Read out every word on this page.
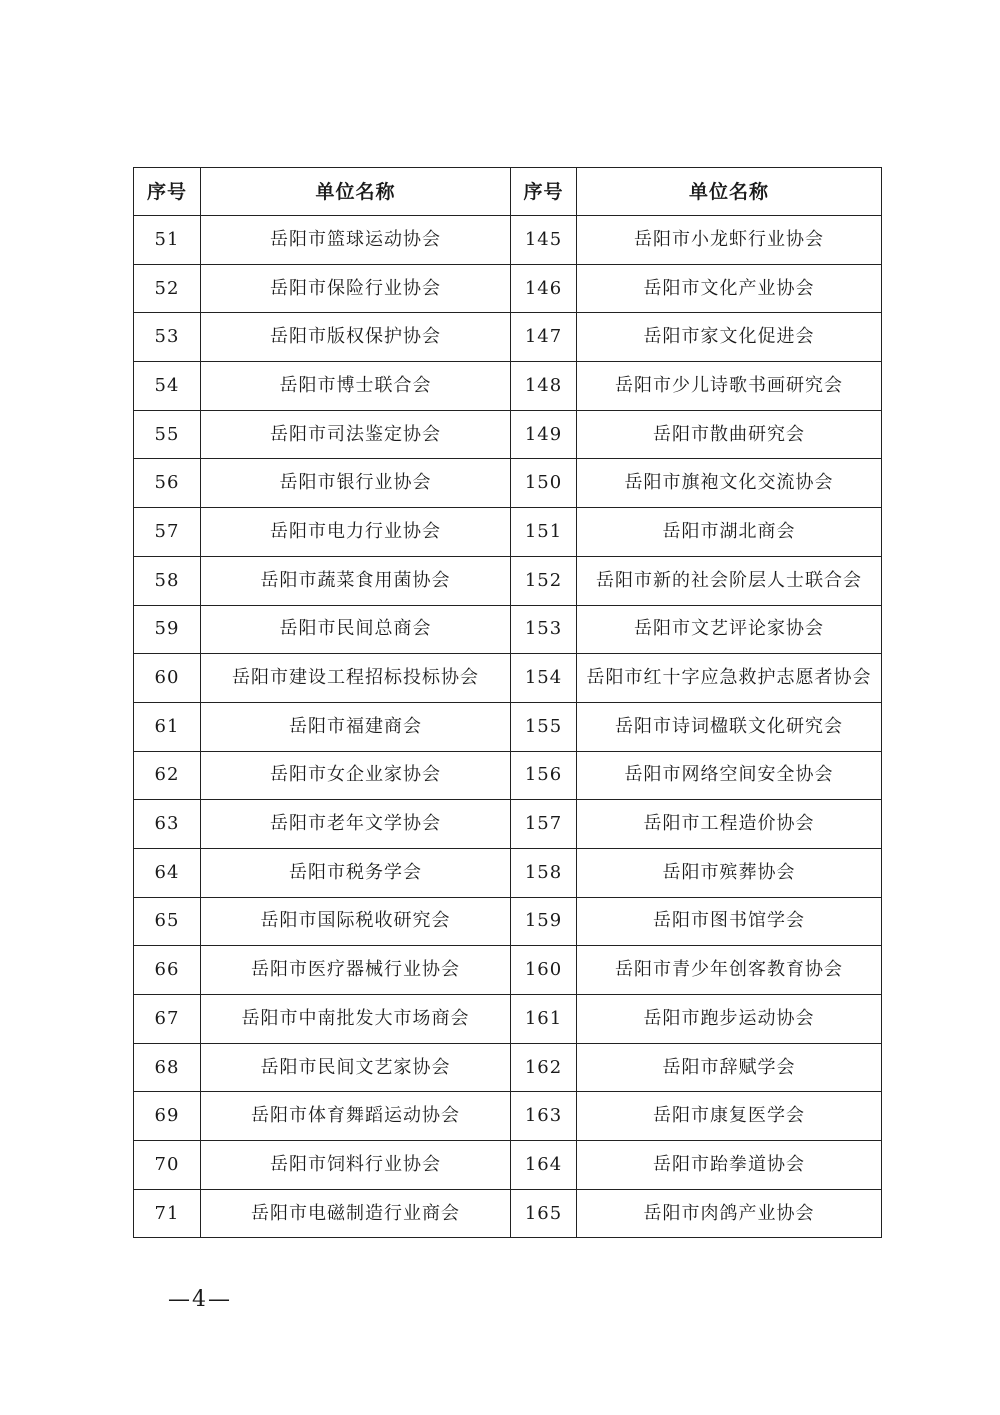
序号	单位名称	序号	单位名称
51	岳阳市篮球运动协会	145	岳阳市小龙虾行业协会
52	岳阳市保险行业协会	146	岳阳市文化产业协会
53	岳阳市版权保护协会	147	岳阳市家文化促进会
54	岳阳市博士联合会	148	岳阳市少儿诗歌书画研究会
55	岳阳市司法鉴定协会	149	岳阳市散曲研究会
56	岳阳市银行业协会	150	岳阳市旗袍文化交流协会
57	岳阳市电力行业协会	151	岳阳市湖北商会
58	岳阳市蔬菜食用菌协会	152	岳阳市新的社会阶层人士联合会
59	岳阳市民间总商会	153	岳阳市文艺评论家协会
60	岳阳市建设工程招标投标协会	154	岳阳市红十字应急救护志愿者协会
61	岳阳市福建商会	155	岳阳市诗词楹联文化研究会
62	岳阳市女企业家协会	156	岳阳市网络空间安全协会
63	岳阳市老年文学协会	157	岳阳市工程造价协会
64	岳阳市税务学会	158	岳阳市殡葬协会
65	岳阳市国际税收研究会	159	岳阳市图书馆学会
66	岳阳市医疗器械行业协会	160	岳阳市青少年创客教育协会
67	岳阳市中南批发大市场商会	161	岳阳市跑步运动协会
68	岳阳市民间文艺家协会	162	岳阳市辞赋学会
69	岳阳市体育舞蹈运动协会	163	岳阳市康复医学会
70	岳阳市饲料行业协会	164	岳阳市跆拳道协会
71	岳阳市电磁制造行业商会	165	岳阳市肉鸽产业协会
—4—
